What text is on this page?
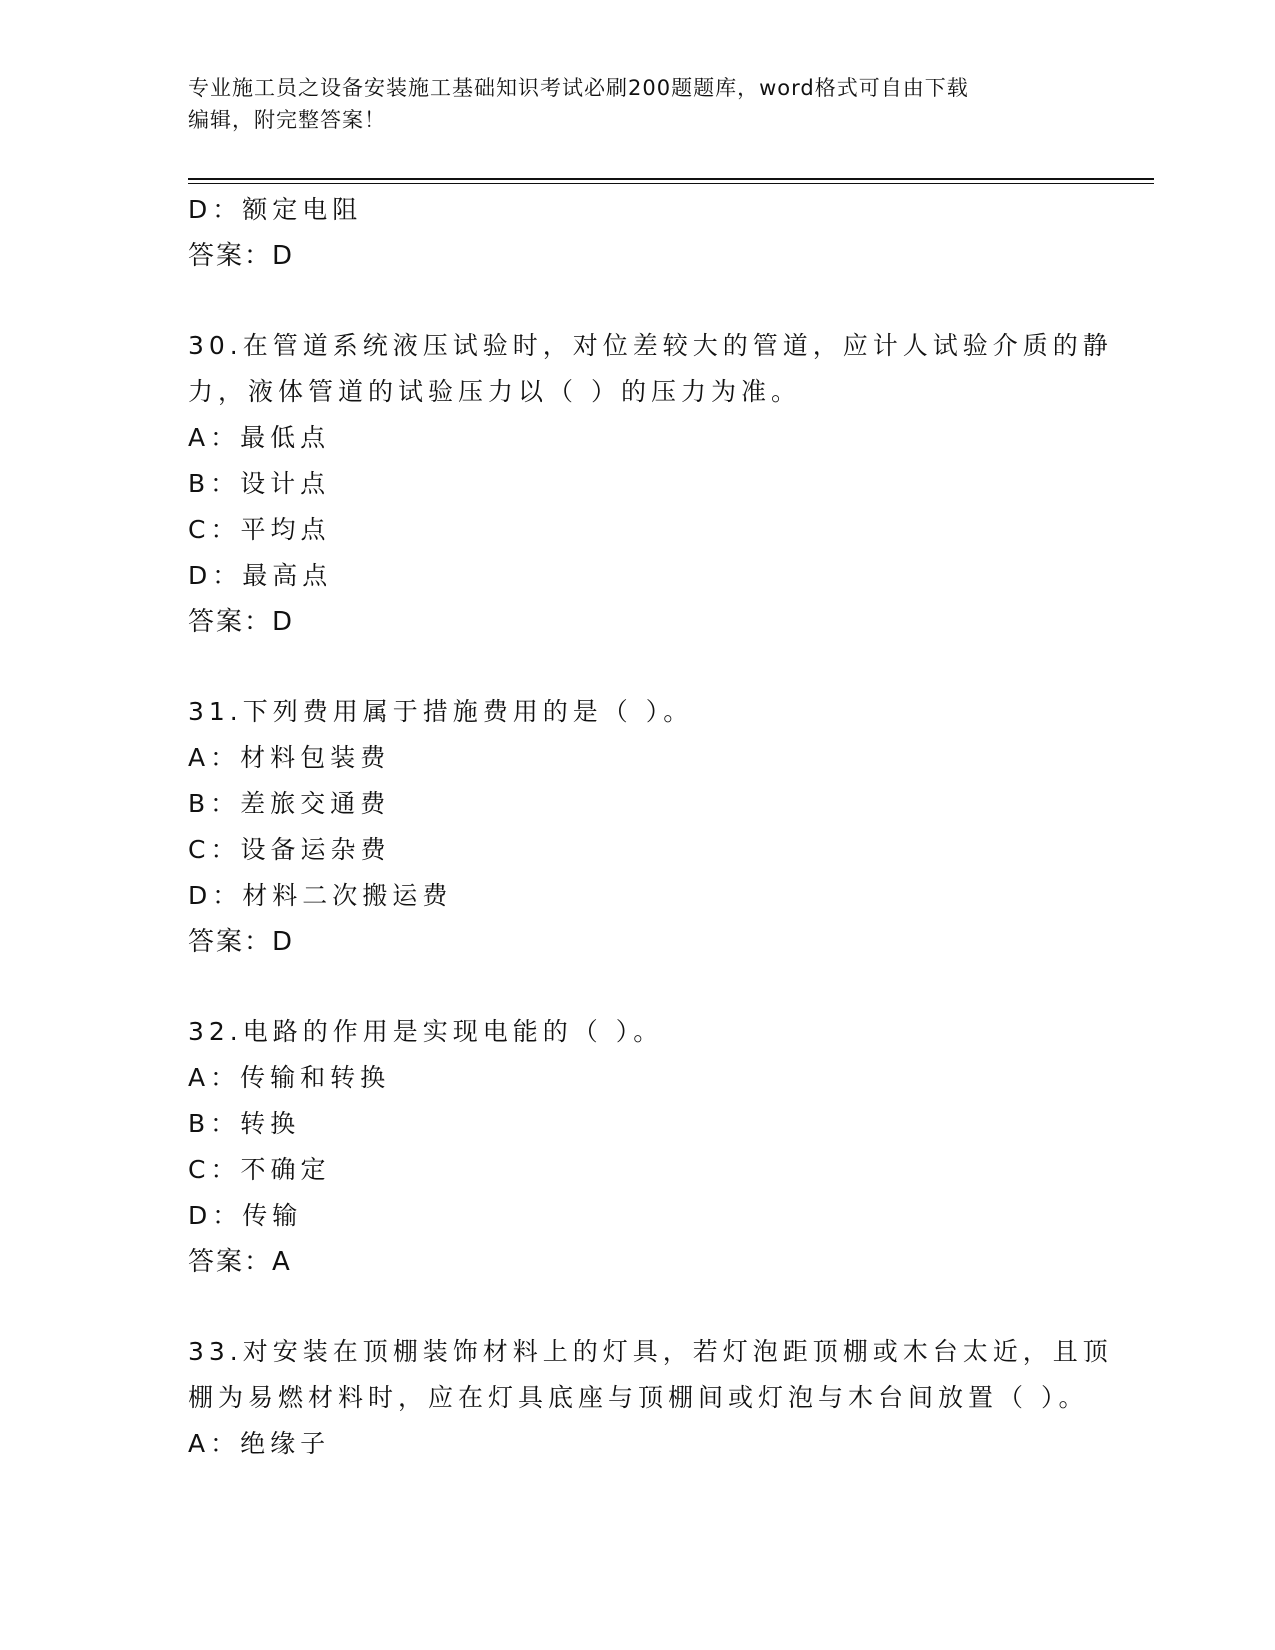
专业施工员之设备安装施工基础知识考试必刷200题题库，word格式可自由下载
编辑，附完整答案！
D：额定电阻
答案：D
30.在管道系统液压试验时，对位差较大的管道，应计人试验介质的静
力，液体管道的试验压力以（ ）的压力为准。
A：最低点
B：设计点
C：平均点
D：最高点
答案：D
31.下列费用属于措施费用的是（ ）。
A：材料包装费
B：差旅交通费
C：设备运杂费
D：材料二次搬运费
答案：D
32.电路的作用是实现电能的（ ）。
A：传输和转换
B：转换
C：不确定
D：传输
答案：A
33.对安装在顶棚装饰材料上的灯具，若灯泡距顶棚或木台太近，且顶
棚为易燃材料时，应在灯具底座与顶棚间或灯泡与木台间放置（ ）。
A：绝缘子
